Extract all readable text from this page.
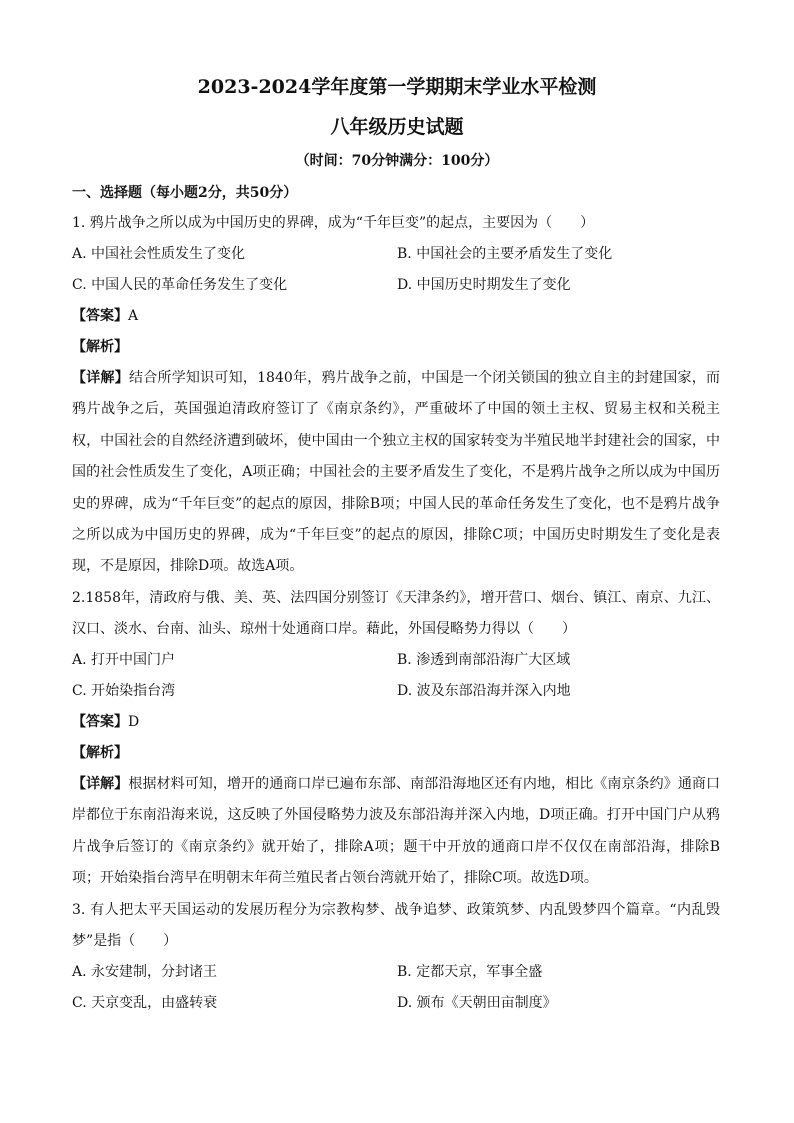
2023-2024学年度第一学期期末学业水平检测
八年级历史试题
（时间：70分钟满分：100分）
一、选择题（每小题2分，共50分）
1. 鸦片战争之所以成为中国历史的界碑，成为“千年巨变”的起点，主要因为（　　）
A. 中国社会性质发生了变化	B. 中国社会的主要矛盾发生了变化
C. 中国人民的革命任务发生了变化	D. 中国历史时期发生了变化
【答案】A
【解析】
【详解】结合所学知识可知，1840年，鸦片战争之前，中国是一个闭关锁国的独立自主的封建国家，而鸦片战争之后，英国强迫清政府签订了《南京条约》，严重破坏了中国的领土主权、贸易主权和关税主权，中国社会的自然经济遭到破坏，使中国由一个独立主权的国家转变为半殖民地半封建社会的国家，中国的社会性质发生了变化，A项正确；中国社会的主要矛盾发生了变化，不是鸦片战争之所以成为中国历史的界碑，成为“千年巨变”的起点的原因，排除B项；中国人民的革命任务发生了变化，也不是鸦片战争之所以成为中国历史的界碑，成为“千年巨变”的起点的原因，排除C项；中国历史时期发生了变化是表现，不是原因，排除D项。故选A项。
2.1858年，清政府与俄、美、英、法四国分别签订《天津条约》，增开营口、烟台、镇江、南京、九江、汉口、淡水、台南、汕头、琼州十处通商口岸。藉此，外国侵略势力得以（　　）
A. 打开中国门户	B. 渗透到南部沿海广大区域
C. 开始染指台湾	D. 波及东部沿海并深入内地
【答案】D
【解析】
【详解】根据材料可知，增开的通商口岸已遍布东部、南部沿海地区还有内地，相比《南京条约》通商口岸都位于东南沿海来说，这反映了外国侵略势力波及东部沿海并深入内地，D项正确。打开中国门户从鸦片战争后签订的《南京条约》就开始了，排除A项；题干中开放的通商口岸不仅仅在南部沿海，排除B项；开始染指台湾早在明朝末年荷兰殖民者占领台湾就开始了，排除C项。故选D项。
3. 有人把太平天国运动的发展历程分为宗教构梦、战争追梦、政策筑梦、内乱毁梦四个篇章。“内乱毁梦”是指（　　）
A. 永安建制，分封诸王	B. 定都天京，军事全盛
C. 天京变乱，由盛转衰	D. 颁布《天朝田亩制度》
